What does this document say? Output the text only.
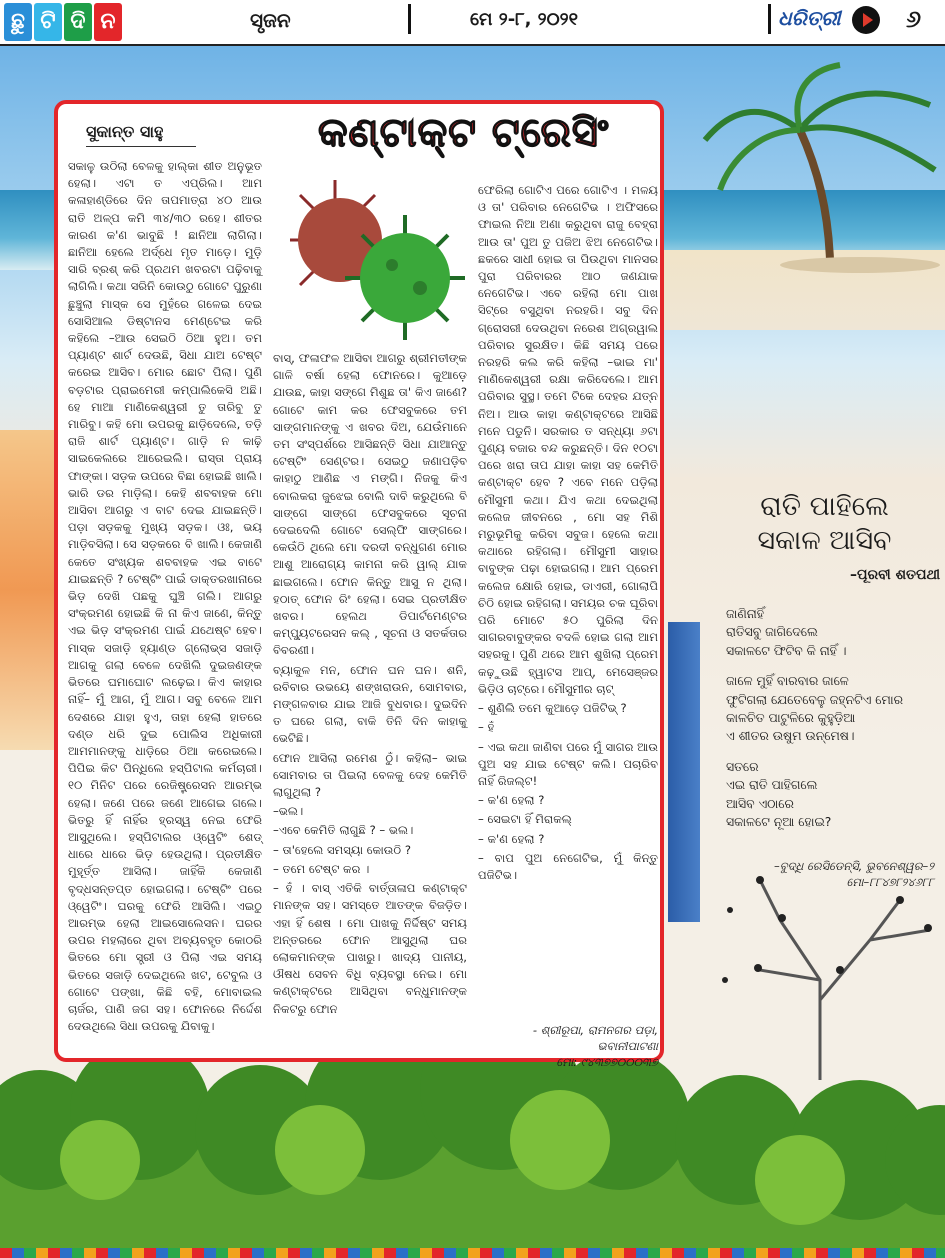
ଛୁ ଟି ଦି ନ	ସୃଜନ	ମେ ୨-୮, ୨୦୨୧	ଧରିତ୍ରୀ	୬
ସୁକାନ୍ତ ସାହୁ	କଣ୍ଟାକ୍ଟ ଟ୍ରେସିଂ

ସକାଳୁ ଉଠିଲା ବେଳକୁ ହାଲ୍କା ଶୀତ ଅନୁଭୂତ ହେଲା। ଏଟା ତ ଏପ୍ରିଲ। ଆମ କଳାହାଣ୍ଡିରେ ଦିନ ତାପମାତ୍ରା ୪୦ ଆଉ ରାତି ଅଳ୍ପ କମି ୩୪/୩୦ ରହେ। ଶୀତର କାରଣ କ'ଣ ଭାବୁଛି ! ଛାନିଆ ଲାଗିଲା। ଛାନିଆ ହେଲେ ଅର୍ଦ୍ଧେ ମୃତ ମାଡ଼େ। ମୁଡ଼ି ସାରି ବ୍ରଶ୍ କରି ପ୍ରଥମ ଖବରଟା ପଢ଼ିବାକୁ ଲାଗିଲି। କଥା ସରିନି କୋଉଠୁ ଗୋଟେ ପୁରୁଣା ଛୁଞ୍ଚୁଲା ମାସ୍କ ସେ ମୁହଁରେ ଗଳେଇ ଦେଇ ସୋସିଆଲ ଡିଷ୍ଟାନସ ମେଣ୍ଟେଇ କରି କହିଲେ –ଆଉ ସେଇଠି ଠିଆ ହୁଅ। ତମ ପ୍ୟାଣ୍ଟ ଶାର୍ଟ ଦେଉଛି, ସିଧା ଯାଅ ଟେଷ୍ଟ କରେଇ ଆସିବ। ମୋର ଛୋଟ ପିଲା। ପୁଣି ବଡ଼ଟାର ପ୍ରାଇମେରୀ କମ୍ପାଲିକେସି ଅଛି। ହେ ମାଆ ମାଣିକେଶ୍ୱରୀ ତୁ ତାରିବୁ ତୁ ମାରିବୁ। କହି ମୋ ଉପରକୁ ଛାଡ଼ିଦେଲେ, ତଡ଼ି ରାଜି ଶାର୍ଟ ପ୍ୟାଣ୍ଟ। ଗାଡ଼ି ନ କାଢ଼ି ସାଇକେଲରେ ଆରେଇଲି। ରାସ୍ତା ପ୍ରାୟ ଫାଙ୍କା। ସଡ଼କ ଉପରେ ବିଛା ହୋଇଛି ଖାଲି। ଭାରି ଡର ମାଡ଼ିଲା। କେହି ଶବବାହକ ମୋ ଆସିବା ଆଗରୁ ଏ ବାଟ ଦେଇ ଯାଇଛନ୍ତି। ପଡ଼ା ସଡ଼କକୁ ମୁଖ୍ୟ ସଡ଼କ। ଓଃ, ଭୟ ମାଡ଼ିବସିଲା। ସେ ସଡ଼କରେ ବି ଖାଲି। କେଜାଣି କେତେ ସଂଖ୍ୟକ ଶବବାହକ ଏଇ ବାଟେ ଯାଇଛନ୍ତି ? ଟେଷ୍ଟିଂ ପାଇଁ ଡାକ୍ତରଖାନାରେ ଭିଡ଼ ଦେଖି ପଛକୁ ଘୁଞ୍ଚି ଗଲି। ଆଗରୁ ସଂକ୍ରମଣ ହୋଇଛି କି ନା କିଏ ଜାଣେ, କିନ୍ତୁ ଏଇ ଭିଡ଼ ସଂକ୍ରମଣ ପାଇଁ ଯଥେଷ୍ଟ ହେବ। ମାସ୍କ ସଜାଡ଼ି ହ୍ୟାଣ୍ଡ ଗ୍ଲୋଭ୍ସ ସଜାଡ଼ି ଆଗକୁ ଗଲା ବେଳେ ଦେଖିଲି ଦୁଇଜଣଙ୍କ ଭିତରେ ଘମାଘୋଟ ଲଢ଼େଇ। କିଏ କାହାର ନାହିଁ– ମୁଁ ଆଗ, ମୁଁ ଆଗ। ସବୁ ବେଳେ ଆମ ଦେଶରେ ଯାହା ହୁଏ, ତାହା ହେଲା ହାତରେ ଦଣ୍ଡ ଧରି ଦୁଇ ପୋଲିସ ଅଧିକାରୀ ଆମମାନଙ୍କୁ ଧାଡ଼ିରେ ଠିଆ କରେଇଲେ। ପିପିଇ କିଟ ପିନ୍ଧିଲେ ହସ୍ପିଟାଲ କର୍ମଚାରୀ। ୧୦ ମିନିଟ ପରେ ରେଜିଷ୍ଟ୍ରେସନ ଆରମ୍ଭ ହେଲା। ଜଣେ ପରେ ଜଣେ ଆଗେଇ ଗଲେ। ଭିତରୁ ହିଁ ନାହିଁର ହ୍ରସ୍ୱ ନେଇ ଫେରି ଆସୁଥିଲେ। ହସ୍ପିଟାଲର ଓ୍ୱେଟିଂ ଶେଡ୍ ଧାରେ ଧାରେ ଭିଡ଼ ହେଉଥିଲା। ପ୍ରତୀକ୍ଷିତ ମୁହୂର୍ତ୍ତ ଆସିଲା। ଜାହିଁକି କେଜାଣି ବୃଦ୍ଧସନ୍ତପ୍ତ ହୋଇଗଲା। ଟେଷ୍ଟିଂ ପରେ ଓ୍ୱେଟିଂ। ଘରକୁ ଫେରି ଆସିଲି। ଏଇଠୁ ଆରମ୍ଭ ହେଲା ଆଇସୋଲେସନ। ଘରର ଉପର ମହଲାରେ ଥିବା ଅବ୍ୟବହୃତ କୋଠରି ଭିତରେ ମୋ ସ୍ତ୍ରୀ ଓ ପିଲା ଏଇ ସମୟ ଭିତରେ ସଜାଡ଼ି ଦେଇଥିଲେ ଖଟ, ଟେବୁଲ ଓ ଗୋଟେ ପଙ୍ଖା, କିଛି ବହି, ମୋବାଇଲ ଚାର୍ଜର, ପାଣି ଜଗ ସହ। ଫୋନରେ ନିର୍ଦ୍ଦେଶ ଦେଉଥିଲେ ସିଧା ଉପରକୁ ଯିବାକୁ।

ବାସ୍, ଫଳାଫଳ ଆସିବା ଆଗରୁ ଶ୍ରୀମତୀଙ୍କ ଗାଳି ବର୍ଷା ହେଲା ଫୋନରେ। କୁଆଡ଼େ ଯାଉଛ, କାହା ସଙ୍ଗେ ମିଶୁଛ ତା' କିଏ ଜାଣେ? ଗୋଟେ କାମ କର ଫେସବୁକରେ ତମ ସାଙ୍ଗମାନଙ୍କୁ ଏ ଖବର ଦିଅ, ଯେଉଁମାନେ ତମ ସଂସ୍ପର୍ଶରେ ଆସିଛନ୍ତି ସିଧା ଯାଆନ୍ତୁ ଟେଷ୍ଟିଂ ସେଣ୍ଟର। ସେଇଠୁ ଜଣାପଡ଼ିବ କାହାଠୁ ଆଣିଛ ଏ ମଙ୍ଗି। ନିଜକୁ କିଏ ବୋଲକରା ଜୁଝେଇ ବୋଲି ଦାବି କରୁଥିଲେ ବି ସାଙ୍ଗେ ସାଙ୍ଗେ ଫେସବୁକରେ ସୂଚନା ଦେଇଦେଲି ଗୋଟେ ସେଲ୍ଫି ସାଙ୍ଗରେ। କେଉଁଠି ଥିଲେ ମୋ ଦରଦୀ ବନ୍ଧୁଗଣ ମୋର ଆଶୁ ଆରୋଗ୍ୟ କାମନା କରି ୱାଲ୍ ଯାକ ଛାଇଗଲେ। ଫୋନ କିନ୍ତୁ ଆସୁ ନ ଥିଲା। ହଠାତ୍ ଫୋନ ରିଂ ହେଲା। ସେଇ ପ୍ରତୀକ୍ଷିତ ଖବର। ହେଲଥ ଡିପାର୍ଟମେଣ୍ଟର କମ୍ପ୍ୟୁଟରେସନ କଲ୍ , ସୂଚନା ଓ ସତର୍କତାର ବିବରଣୀ।

ବ୍ୟାକୁଳ ମନ, ଫୋନ ଘନ ଘନ। ଶନି, ରବିବାର ଉଭୟେ ଶଙ୍ଖରାଉନ, ସୋମବାର, ମଙ୍ଗଳବାର ଯାଇ ଆଜି ବୁଧବାର। ଦୁଇଦିନ ତ ଘରେ ଗଲା, ବାକି ତିନି ଦିନ କାହାକୁ ଭେଟିଛି।

ଫୋନ ଆସିଲା ରମେଶ ଠୁଁ। କହିଲା– ଭାଇ ସୋମବାର ତା ପିଇଲା ବେଳକୁ ଦେହ କେମିତି ଲାଗୁଥିଲା ?

–ଭଲ।

–ଏବେ କେମିତି ଲାଗୁଛି ? – ଭଲ।

– ତା'ହେଲେ ସମସ୍ୟା କୋଉଠି ?

– ତମେ ଟେଷ୍ଟ କର ।

– ହଁ । ବାସ୍ ଏତିକି ବାର୍ତ୍ତାଳାପ କଣ୍ଟାକ୍ଟ ମାନଙ୍କ ସହ। ସମସ୍ତେ ଆତଙ୍କ ବିଜଡ଼ିତ। ଏହା ହିଁ ଶେଷ । ମୋ ପାଖକୁ ନିର୍ଦ୍ଦିଷ୍ଟ ସମୟ ଅନ୍ତରରେ ଫୋନ ଆସୁଥିଲା ଘର ଲୋକମାନଙ୍କ ପାଖରୁ। ଖାଦ୍ୟ ପାନୀୟ, ଔଷଧ ସେବନ ବିଧି ବ୍ୟବସ୍ଥା ନେଇ। ମୋ କଣ୍ଟାକ୍ଟରେ ଆସିଥିବା ବନ୍ଧୁମାନଙ୍କ ନିକଟରୁ ଫୋନ

ଫେରିଲା ଗୋଟିଏ ପରେ ଗୋଟିଏ । ମଳୟ ଓ ତା' ପରିବାର ନେଗେଟିଭ । ଅଫିସରେ ଫାଇଲ ନିଆ ଅଣା କରୁଥିବା ରାଜୁ ବେହ୍ରା ଆଉ ତା' ପୁଅ ତୁ ପଜିଅ ଝିଅ ନେଗେଟିଭ। ଛକରେ ସାଧୀ ହୋଇ ତା ପିଉଥିବା ମାନସର ପୁରା ପରିବାରର ଆଠ ଜଣଯାକ ନେଗେଟିଭ। ଏବେ ରହିଲା ମୋ ପାଖ ସିଟ୍‌ରେ ବସୁଥିବା ନରହରି। ସବୁ ଦିନ ଗ୍ରୋସରୀ ଦେଉଥିବା ନରେଶ ଅଗ୍ରୱାଲ ପରିବାର ସୁରକ୍ଷିତ। କିଛି ସମୟ ପରେ ନରହରି କଲ କରି କହିଲା –ଭାଇ ମା' ମାଣିକେଶ୍ୱରୀ ରକ୍ଷା କରିଦେଲେ। ଆମ ପରିବାର ସୁସ୍ଥ। ତମେ ଟିକେ ଦେହର ଯତ୍ନ ନିଅ। ଆଉ କାହା କଣ୍ଟାକ୍ଟରେ ଆସିଛି ମନେ ପଡୁନି। ସରକାର ତ ସନ୍ଧ୍ୟା ୬ଟା ପୁଣ୍ୟ ବଜାର ବନ୍ଦ କରୁଛନ୍ତି। ଦିନ ୧୦ଟା ପରେ ଖରା ତାପ ଯାହା କାହା ସହ କେମିତି କଣ୍ଟାକ୍ଟ ହେବ ? ଏବେ ମନେ ପଡ଼ିଲା ମୌସୁମୀ କଥା। ଯିଏ କଥା ଦେଇଥିଲା କଲେଜ ଜୀବନରେ , ମୋ ସହ ମିଶି ମରୁଭୂମିକୁ କରିବା ସବୁଜ। ହେଲେ କଥା କଥାରେ ରହିଗଲା। ମୌସୁମୀ ସାହାର ବାବୁଙ୍କ ପଢ଼ା ହୋଇଗଲା। ଆମ ପ୍ରେମ କଲେଜ କ୍ଷୋରି ହୋଇ, ଡାଏରୀ, ଗୋଲାପି ଚିଠି ହୋଇ ରହିଗଲା। ସମୟର ଚକ ଘୂରିବା ପରି ମୋଟେ ୫୦ ପୁରିଲା ଦିନ ସାଗରବାବୁଙ୍କର ବଦଳି ହୋଇ ଗଲା ଆମ ସହରକୁ। ପୁଣି ଥରେ ଆମ ଶୁଖିଲା ପ୍ରେମ କଢ଼ୁଉଛି ହ୍ୱାଟସ ଆପ୍, ମେସେଞ୍ଜର ଭିଡ଼ିଓ ଚାଟ୍‌ରେ। ମୌସୁମୀର ଚାଟ୍

– ଶୁଣିଲି ତମେ କୁଆଡ଼େ ପଜିଟିଭ୍ ?

– ହଁ

– ଏଇ କଥା ଜାଣିବା ପରେ ମୁଁ ସାଗର ଆଉ ପୁଅ ସହ ଯାଇ ଟେଷ୍ଟ କଲି। ପଚାରିବ ନାହିଁ ରିଜଲ୍ଟ!

– କ'ଣ ହେଲା ?

– ସେଇଟା ହିଁ ମିରାକଲ୍

– କ'ଣ ହେଲା ?

– ବାପ ପୁଅ ନେଗେଟିଭ, ମୁଁ କିନ୍ତୁ ପଜିଟିଭ।

- ଶ୍ରୀରୂପା, ରାମନଗର ପଡ଼ା,
ଭବାନୀପାଟଣା
ମୋ: ୯୪୩୭୭୦୦୦୩୭
ରାତି ପାହିଲେ
ସକାଳ ଆସିବ
–ପୂରବୀ ଶତପଥୀ

ଜାଣିନାହିଁ
ରାତିସବୁ ଜାଗିଦେଲେ
ସକାଳଟେ ଫିଟିବ କି ନାହିଁ ।

ଜାଳେ ମୁହିଁ ବାରବାର ଜାଳେ
ଫୁଟିଗଲା ଯେତେବେଳୁ ଜହ୍ନଟିଏ ମୋର
କାଳଚିତ ପାଟୁଳିରେ କୁହୁଡ଼ିଆ
ଏ ଶୀତର ଉଷୁମ ଉନ୍ମେଷ।

ସତରେ
ଏଇ ରାତି ପାହିଗଲେ
ଆସିବ ଏଠାରେ
ସକାଳଟେ ନୂଆ ହୋଇ?

–ବୁଦ୍ଧି ରେସିଡେନ୍ସି, ଭୁବନେଶ୍ୱର–୨
ମୋ–୮୮୪୭୮୨୪୬୮୮
